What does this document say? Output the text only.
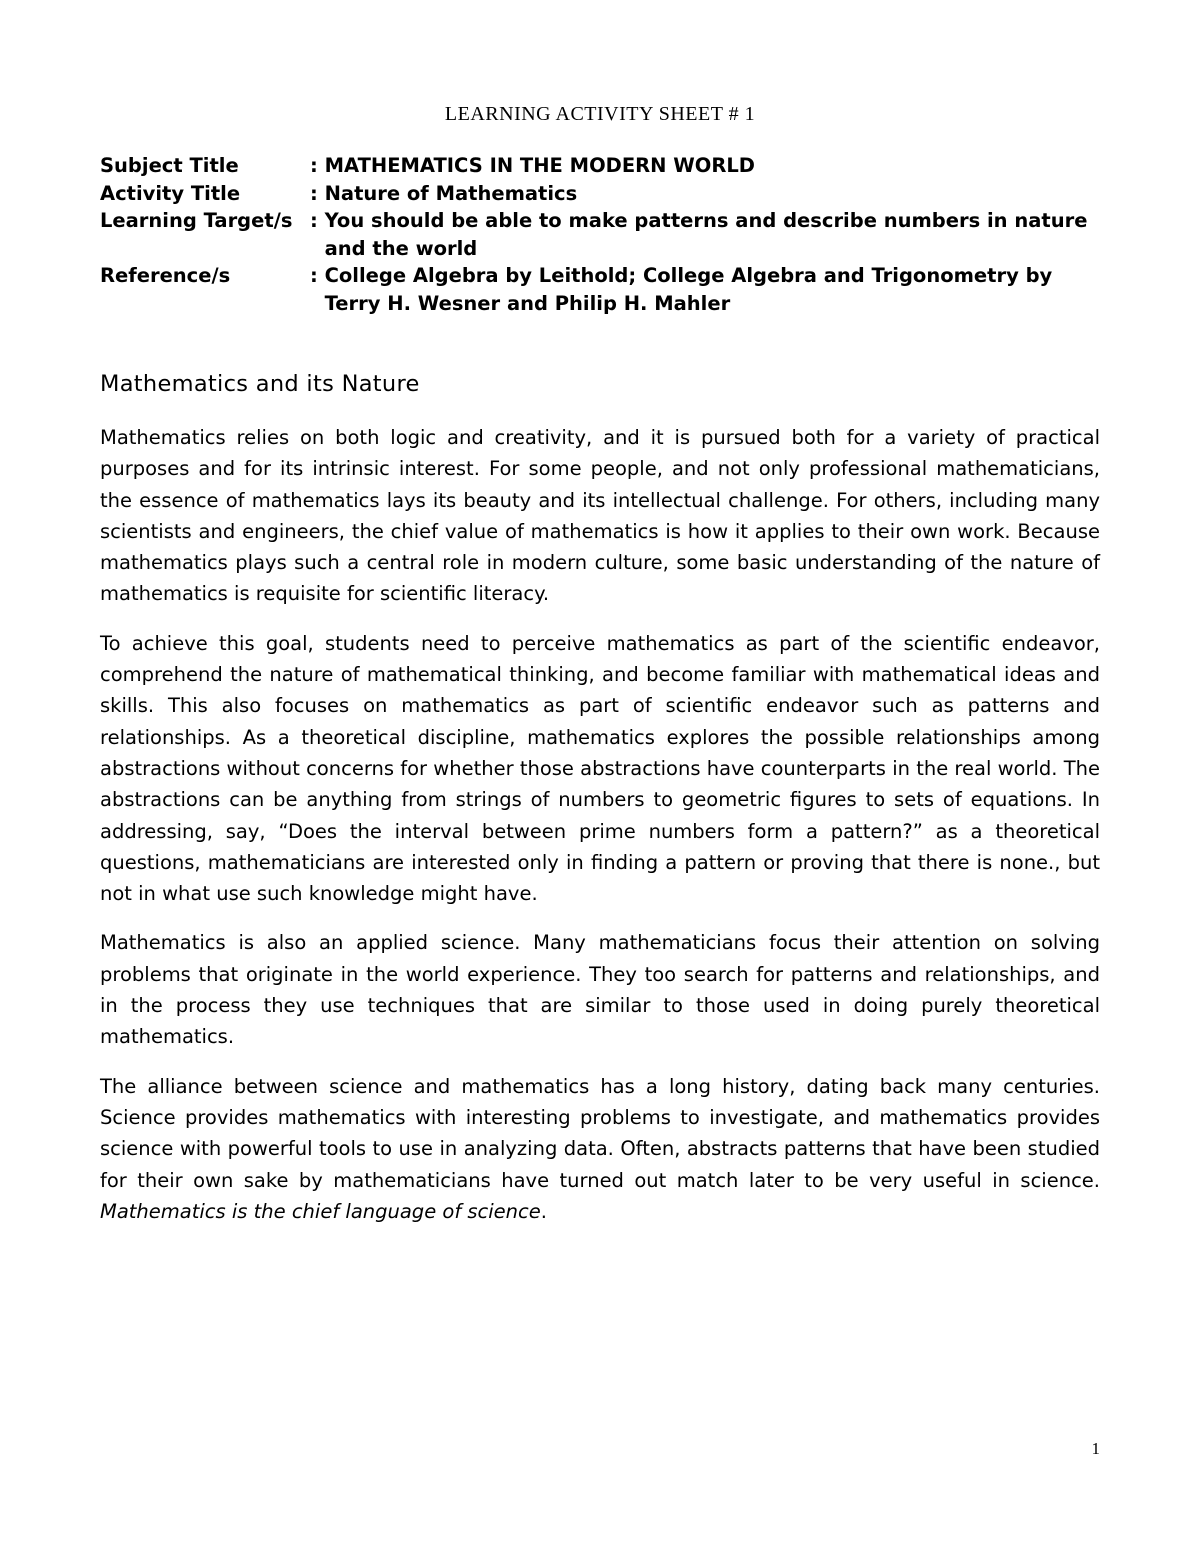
LEARNING ACTIVITY SHEET # 1
Subject Title	: MATHEMATICS IN THE MODERN WORLD
Activity Title	: Nature of Mathematics
Learning Target/s : You should be able to make patterns and describe numbers in nature and the world
Reference/s	: College Algebra by Leithold; College Algebra and Trigonometry by Terry H. Wesner and Philip H. Mahler
Mathematics and its Nature

Mathematics relies on both logic and creativity, and it is pursued both for a variety of practical purposes and for its intrinsic interest. For some people, and not only professional mathematicians, the essence of mathematics lays its beauty and its intellectual challenge. For others, including many scientists and engineers, the chief value of mathematics is how it applies to their own work. Because mathematics plays such a central role in modern culture, some basic understanding of the nature of mathematics is requisite for scientific literacy.

To achieve this goal, students need to perceive mathematics as part of the scientific endeavor, comprehend the nature of mathematical thinking, and become familiar with mathematical ideas and skills. This also focuses on mathematics as part of scientific endeavor such as patterns and relationships. As a theoretical discipline, mathematics explores the possible relationships among abstractions without concerns for whether those abstractions have counterparts in the real world. The abstractions can be anything from strings of numbers to geometric figures to sets of equations. In addressing, say, “Does the interval between prime numbers form a pattern?” as a theoretical questions, mathematicians are interested only in finding a pattern or proving that there is none., but not in what use such knowledge might have.

Mathematics is also an applied science. Many mathematicians focus their attention on solving problems that originate in the world experience. They too search for patterns and relationships, and in the process they use techniques that are similar to those used in doing purely theoretical mathematics.

The alliance between science and mathematics has a long history, dating back many centuries. Science provides mathematics with interesting problems to investigate, and mathematics provides science with powerful tools to use in analyzing data. Often, abstracts patterns that have been studied for their own sake by mathematicians have turned out match later to be very useful in science. Mathematics is the chief language of science.

1
